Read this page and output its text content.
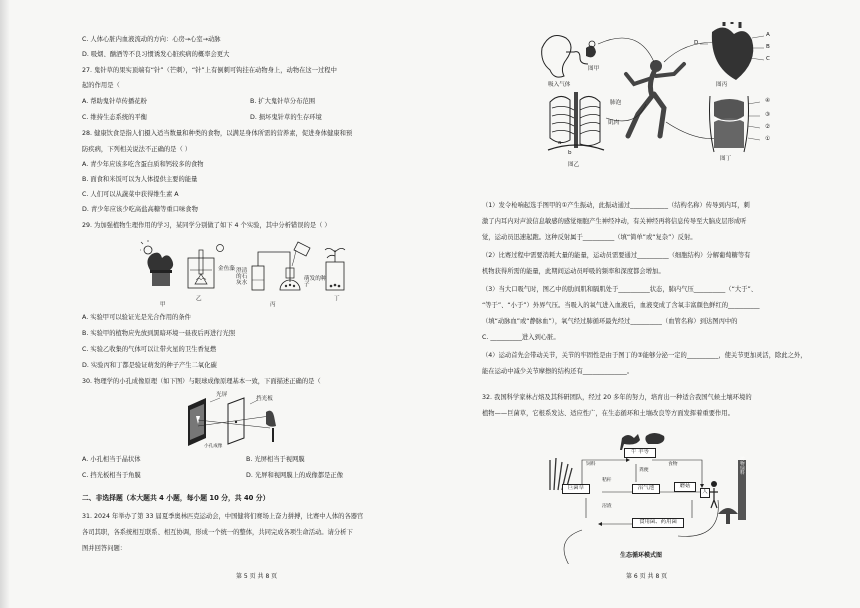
C. 人体心脏内血液流动的方向：心房→心室→动脉
D. 吸烟、酗酒等不良习惯诱发心脏疾病的概率会更大
27. 鬼针草的果实顶端有“针”（芒刺），“针”上有倒刺可钩挂在动物身上，动物在这一过程中
起的作用是（
A. 帮助鬼针草传播花粉	B. 扩大鬼针草分布范围
C. 维持生态系统的平衡	D. 损坏鬼针草的生存环境
28. 健康饮食是指人们摄入适当数量和种类的食物，以满足身体所需的营养素，促进身体健康和预
防疾病，下列相关说法不正确的是（ ）
A. 青少年应该多吃含蛋白质和钙较多的食物
B. 面食和米饭可以为人体提供主要的能量
C. 人们可以从蔬菜中获得维生素 A
D. 青少年应该少吃高盐高糖等重口味食物
29. 为加强植物生理作用的学习，某同学分别做了如下 4 个实验，其中分析错误的是（ ）
甲
乙
丙
丁
澄清的石灰水
萌发的种子
金鱼藻
A. 实验甲可以验证光是光合作用的条件
B. 实验甲的植物应先放到黑暗环境一昼夜后再进行光照
C. 实验乙收集的气体可以让带火星的卫生香复燃
D. 实验丙和丁都是验证萌发的种子产生二氧化碳
30. 物理学的小孔成像原理（如下图）与眼球成像原理基本一致，下面描述正确的是（
光屏
挡光板
小孔成像
A. 小孔相当于晶状体	B. 光屏相当于视网膜
C. 挡光板相当于角膜	D. 光屏和视网膜上的成像都是正像
二、非选择题（本大题共 4 小题，每小题 10 分，共 40 分）
31. 2024 年举办了第 33 届夏季奥林匹克运动会，中国健将们赛场上奋力拼搏，比赛中人体的各器官
各司其职，各系统相互联系、相互协调，形成一个统一的整体，共同完成各项生命活动。请分析下
图并回答问题：
第 5 页 共 8 页
吸入气体
图甲
肺泡
肌肉
图乙
图丙
图丁
④
③
②
①
A
B
C
D
a
b
（1）发令枪响起选手图甲的①产生振动，此振动通过____________（结构名称）传导到内耳，刺
激了内耳内对声波信息敏感的感觉细胞产生神经冲动，有关神经再将信息传导至大脑皮层形成听
觉，运动员迅速起跑。这种反射属于__________（填“简单”或“复杂”）反射。
（2）比赛过程中需要消耗大量的能量，运动员需要通过__________（细胞结构）分解葡萄糖等有
机物获得所需的能量，此期间运动员呼吸的频率和深度都会增加。
（3）当大口吸气时，图乙中的肋间肌和膈肌处于__________状态，肺内气压__________（“大于”、
“等于”、“小于”）外界气压。当吸入的氧气进入血液后，血液变成了含氧丰富颜色鲜红的__________
（填“动脉血”或“静脉血”），氧气经过肺循环最先经过__________（血管名称）到达图丙中的
C. __________进入到心脏。
（4）运动首先会带动关节，关节的牢固性是由于图丁的③能够分泌一定的__________，使关节更加灵活，除此之外，
能在运动中减少关节摩擦的结构还有______________。
32. 我国科学家林占熔及其科研团队，经过 20 多年的努力，培育出一种适合我国气候土壤环境的
植物——巨菌草，它根系发达、适应性广，在生态循环和土壤改良等方面发挥着重要作用。
牛 羊等
巨菌草	沼气池	蘑菇
人
食用菌、药用菌
饲料	食物
粪便
沼渣
秸秆
动物饲料
生态循环模式图
第 6 页 共 8 页
